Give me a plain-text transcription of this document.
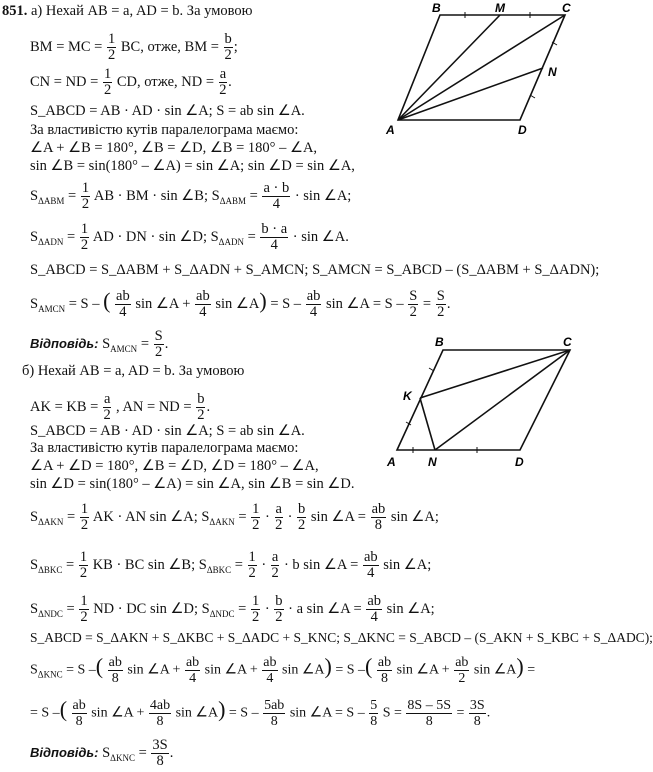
B	M	C
N
A	D
851. а) Нехай AB = a, AD = b. За умовою
BM = MC = $\frac{1}{2}$ BC, отже, BM = $\frac{b}{2}$ ;
CN = ND = $\frac{1}{2}$ CD, отже, ND = $\frac{a}{2}$ .
S_ABCD = AB · AD · sin ∠A; S = ab sin ∠A.
За властивістю кутів паралелограма маємо:
∠A + ∠B = 180°, ∠B = ∠D, ∠B = 180° – ∠A,
sin ∠B = sin(180° – ∠A) = sin ∠A; sin ∠D = sin ∠A,
$S_{\Delta ABM} = \frac{1}{2}$ AB · BM · sin ∠B; $S_{\Delta ABM} = \frac{a \cdot b}{4} \cdot \sin$ ∠A;
$S_{\Delta ADN} = \frac{1}{2}$ AD · DN · sin ∠D; $S_{\Delta ADN} = \frac{b \cdot a}{4} \cdot \sin$ ∠A.
S_ABCD = S_ΔABM + S_ΔADN + S_AMCN; S_AMCN = S_ABCD – (S_ΔABM + S_ΔADN);
$S_{AMCN} = S$ – ( $\frac{ab}{4}$ sin ∠A + $\frac{ab}{4}$ sin ∠A) = S – $\frac{ab}{4}$ sin ∠A = $S - \frac{S}{2} = \frac{S}{2}$ .
Відповідь: $S_{AMCN} = \frac{S}{2}$ .	B	C
K
A	N	D
б) Нехай AB = a, AD = b. За умовою
AK = KB = $\frac{a}{2}$ , AN = ND = $\frac{b}{2}$ .
S_ABCD = AB · AD · sin ∠A; S = ab sin ∠A.
За властивістю кутів паралелограма маємо:
∠A + ∠D = 180°, ∠B = ∠D, ∠D = 180° – ∠A,
sin ∠D = sin(180° – ∠A) = sin ∠A, sin ∠B = sin ∠D.
$S_{\Delta AKN} = \frac{1}{2}$ AK · AN sin ∠A; $S_{\Delta AKN} = \frac{1}{2} \cdot \frac{a}{2} \cdot \frac{b}{2}$ sin ∠A = $\frac{ab}{8}$ sin ∠A;
$S_{\Delta BKC} = \frac{1}{2}$ KB · BC sin ∠B; $S_{\Delta BKC} = \frac{1}{2} \cdot \frac{a}{2} \cdot b$ sin ∠A = $\frac{ab}{4}$ sin ∠A;
$S_{\Delta NDC} = \frac{1}{2}$ ND · DC sin ∠D; $S_{\Delta NDC} = \frac{1}{2} \cdot \frac{b}{2} \cdot a$ sin ∠A = $\frac{ab}{4}$ sin ∠A;
S_ABCD = S_ΔAKN + S_ΔKBC + S_ΔADC + S_KNC; S_ΔKNC = S_ABCD – (S_AKN + S_KBC + S_ΔADC);
$S_{\Delta KNC} = S$ –( $\frac{ab}{8}$ sin ∠A + $\frac{ab}{4}$ sin ∠A + $\frac{ab}{4}$ sin ∠A) = S –( $\frac{ab}{8}$ sin ∠A + $\frac{ab}{2}$ sin ∠A) =
= S –( $\frac{ab}{8}$ sin ∠A + $\frac{4ab}{8}$ sin ∠A) = S – $\frac{5ab}{8}$ sin ∠A = S – $\frac{5}{8}$ $S = \frac{8S - 5S}{8} = \frac{3S}{8}$ .
Відповідь: $S_{\Delta KNC} = \frac{3S}{8}$ .
